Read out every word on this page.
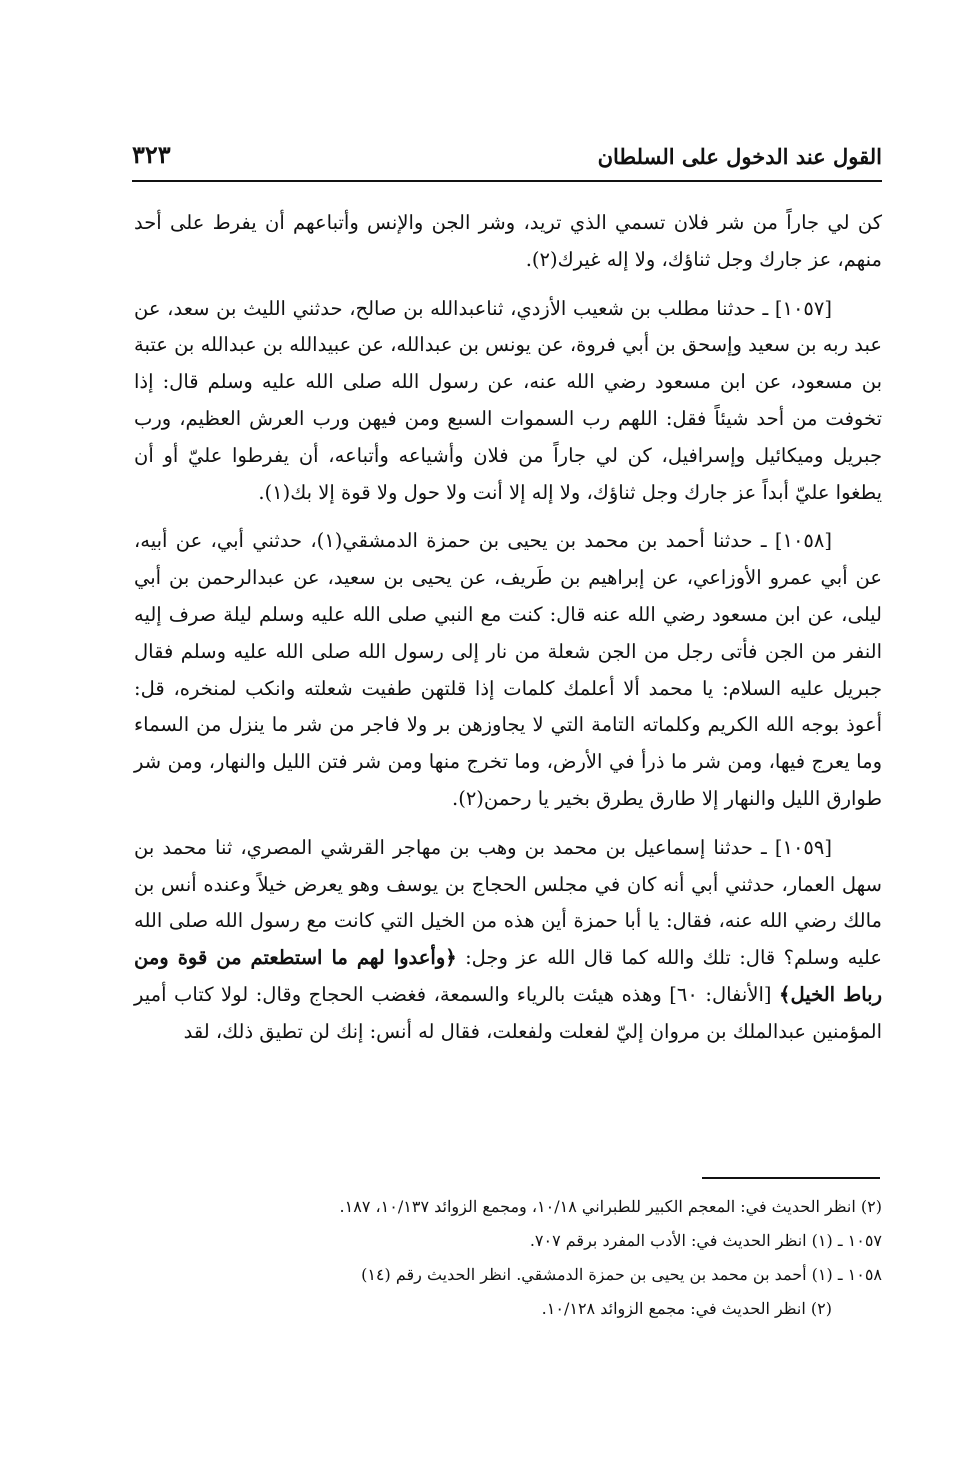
القول عند الدخول على السلطان
٣٢٣

كن لي جاراً من شر فلان تسمي الذي تريد، وشر الجن والإنس وأتباعهم أن يفرط على أحد منهم، عز جارك وجل ثناؤك، ولا إله غيرك(٢).

[١٠٥٧] ـ حدثنا مطلب بن شعيب الأزدي، ثناعبدالله بن صالح، حدثني الليث بن سعد، عن عبد ربه بن سعيد وإسحق بن أبي فروة، عن يونس بن عبدالله، عن عبيدالله بن عبدالله بن عتبة بن مسعود، عن ابن مسعود رضي الله عنه، عن رسول الله صلى الله عليه وسلم قال: إذا تخوفت من أحد شيئاً فقل: اللهم رب السموات السبع ومن فيهن ورب العرش العظيم، ورب جبريل وميكائيل وإسرافيل، كن لي جاراً من فلان وأشياعه وأتباعه، أن يفرطوا عليّ أو أن يطغوا عليّ أبداً عز جارك وجل ثناؤك، ولا إله إلا أنت ولا حول ولا قوة إلا بك(١).

[١٠٥٨] ـ حدثنا أحمد بن محمد بن يحيى بن حمزة الدمشقي(١)، حدثني أبي، عن أبيه، عن أبي عمرو الأوزاعي، عن إبراهيم بن طَريف، عن يحيى بن سعيد، عن عبدالرحمن بن أبي ليلى، عن ابن مسعود رضي الله عنه قال: كنت مع النبي صلى الله عليه وسلم ليلة صرف إليه النفر من الجن فأتى رجل من الجن شعلة من نار إلى رسول الله صلى الله عليه وسلم فقال جبريل عليه السلام: يا محمد ألا أعلمك كلمات إذا قلتهن طفيت شعلته وانكب لمنخره، قل: أعوذ بوجه الله الكريم وكلماته التامة التي لا يجاوزهن بر ولا فاجر من شر ما ينزل من السماء وما يعرج فيها، ومن شر ما ذرأ في الأرض، وما تخرج منها ومن شر فتن الليل والنهار، ومن شر طوارق الليل والنهار إلا طارق يطرق بخير يا رحمن(٢).

[١٠٥٩] ـ حدثنا إسماعيل بن محمد بن وهب بن مهاجر القرشي المصري، ثنا محمد بن سهل العمار، حدثني أبي أنه كان في مجلس الحجاج بن يوسف وهو يعرض خيلاً وعنده أنس بن مالك رضي الله عنه، فقال: يا أبا حمزة أين هذه من الخيل التي كانت مع رسول الله صلى الله عليه وسلم؟ قال: تلك والله كما قال الله عز وجل: ﴿وأعدوا لهم ما استطعتم من قوة ومن رباط الخيل﴾ [الأنفال: ٦٠] وهذه هيئت بالرياء والسمعة، فغضب الحجاج وقال: لولا كتاب أمير المؤمنين عبدالملك بن مروان إليّ لفعلت ولفعلت، فقال له أنس: إنك لن تطيق ذلك، لقد

(٢) انظر الحديث في: المعجم الكبير للطبراني ١٠/١٨، ومجمع الزوائد ١٠/١٣٧، ١٨٧.

١٠٥٧ ـ (١) انظر الحديث في: الأدب المفرد برقم ٧٠٧.

١٠٥٨ ـ (١) أحمد بن محمد بن يحيى بن حمزة الدمشقي. انظر الحديث رقم (١٤)

(٢) انظر الحديث في: مجمع الزوائد ١٠/١٢٨.
